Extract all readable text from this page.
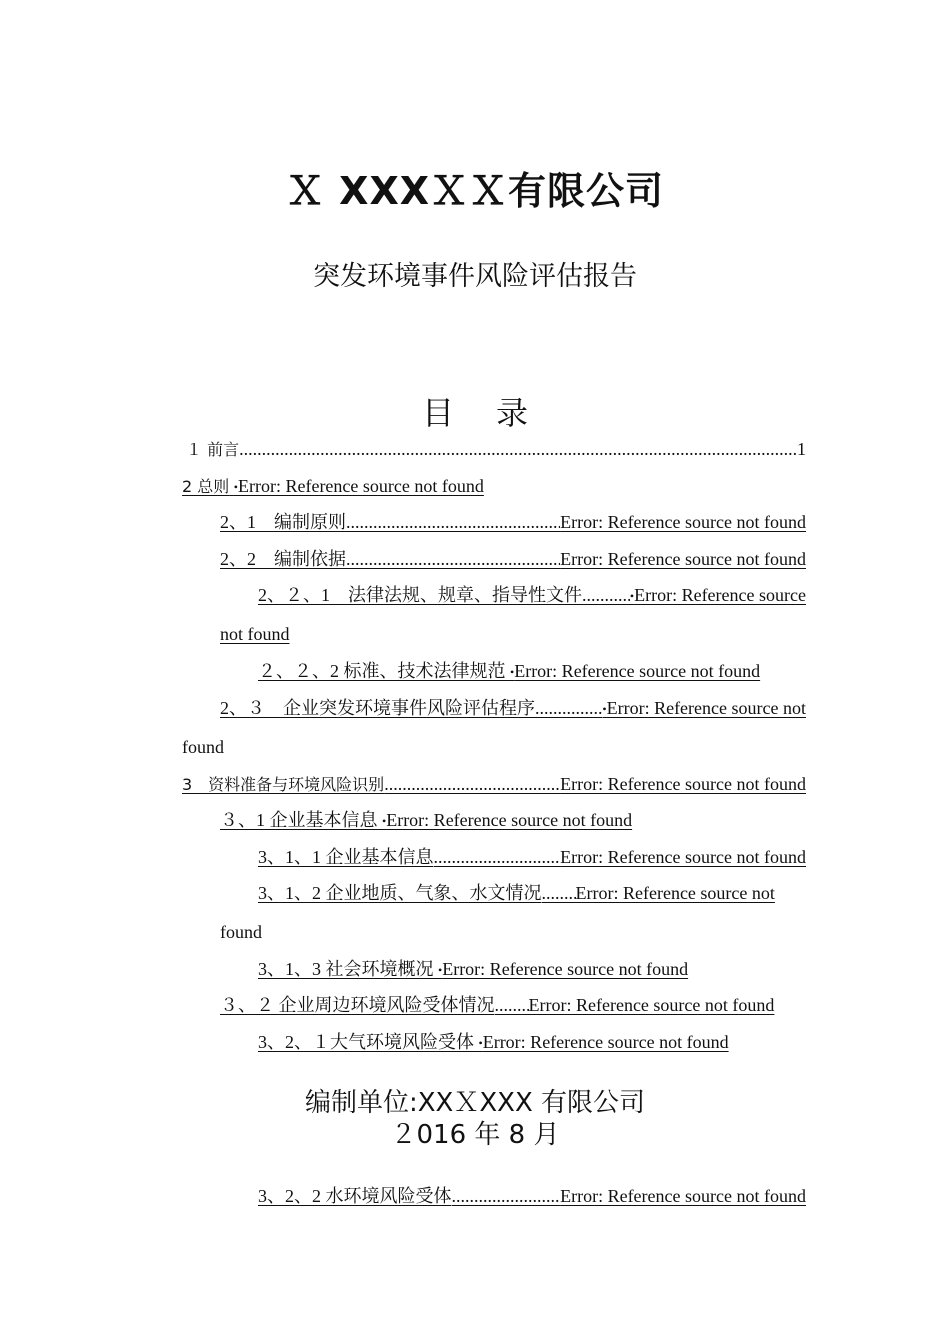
Ｘ XXXＸＸ有限公司
突发环境事件风险评估报告
目 录
１ 前言 .....	1
2 总则 •Error: Reference source not found
2、1　编制原则 .....	Error: Reference source not found
2、2　编制依据 .....	Error: Reference source not found
2、２、1　法律法规、规章、指导性文件 .....	•Error: Reference source
not found
２、２、2 标准、技术法律规范 •Error: Reference source not found
2、３　企业突发环境事件风险评估程序 .....	•Error: Reference source not
found
3　资料准备与环境风险识别 .....	Error: Reference source not found
３、1 企业基本信息 •Error: Reference source not found
3、1、1 企业基本信息 .....	Error: Reference source not found
3、1、2 企业地质、气象、水文情况 ..... Error: Reference source not
found
3、1、3 社会环境概况 •Error: Reference source not found
３、２ 企业周边环境风险受体情况 ..... Error: Reference source not found
3、2、１大气环境风险受体 •Error: Reference source not found
编制单位:XXＸXXX 有限公司
２016 年 8 月
3、2、2 水环境风险受体 .....	Error: Reference source not found
